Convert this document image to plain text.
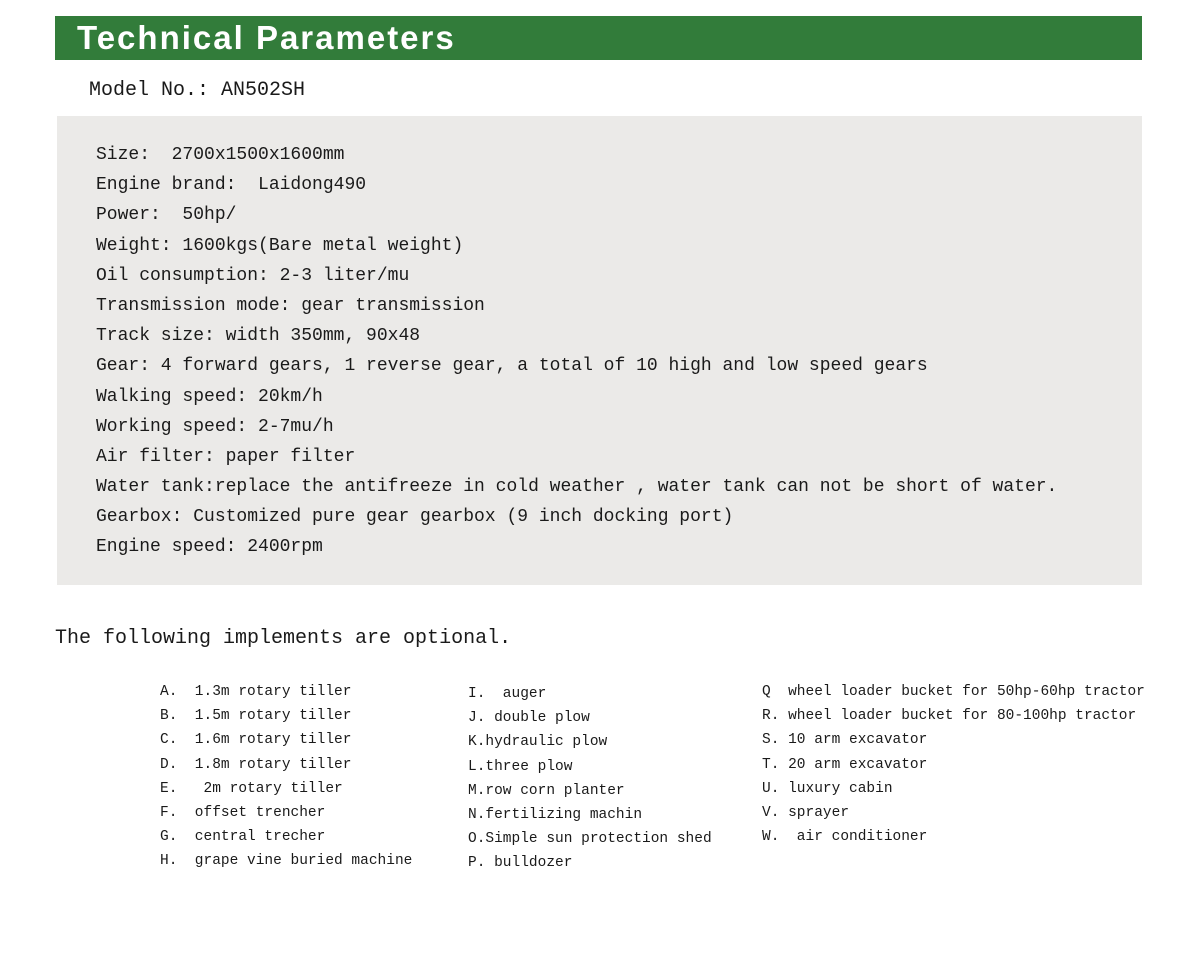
Technical Parameters
Model No.: AN502SH
Size:  2700x1500x1600mm
Engine brand:  Laidong490
Power:  50hp/
Weight: 1600kgs(Bare metal weight)
Oil consumption: 2-3 liter/mu
Transmission mode: gear transmission
Track size: width 350mm, 90x48
Gear: 4 forward gears, 1 reverse gear, a total of 10 high and low speed gears
Walking speed: 20km/h
Working speed: 2-7mu/h
Air filter: paper filter
Water tank:replace the antifreeze in cold weather , water tank can not be short of water.
Gearbox: Customized pure gear gearbox (9 inch docking port)
Engine speed: 2400rpm
The following implements are optional.
A.  1.3m rotary tiller
B.  1.5m rotary tiller
C.  1.6m rotary tiller
D.  1.8m rotary tiller
E.   2m rotary tiller
F.  offset trencher
G.  central trecher
H.  grape vine buried machine
I.  auger
J. double plow
K.hydraulic plow
L.three plow
M.row corn planter
N.fertilizing machin
O.Simple sun protection shed
P. bulldozer
Q  wheel loader bucket for 50hp-60hp tractor
R. wheel loader bucket for 80-100hp tractor
S. 10 arm excavator
T. 20 arm excavator
U. luxury cabin
V. sprayer
W.  air conditioner
